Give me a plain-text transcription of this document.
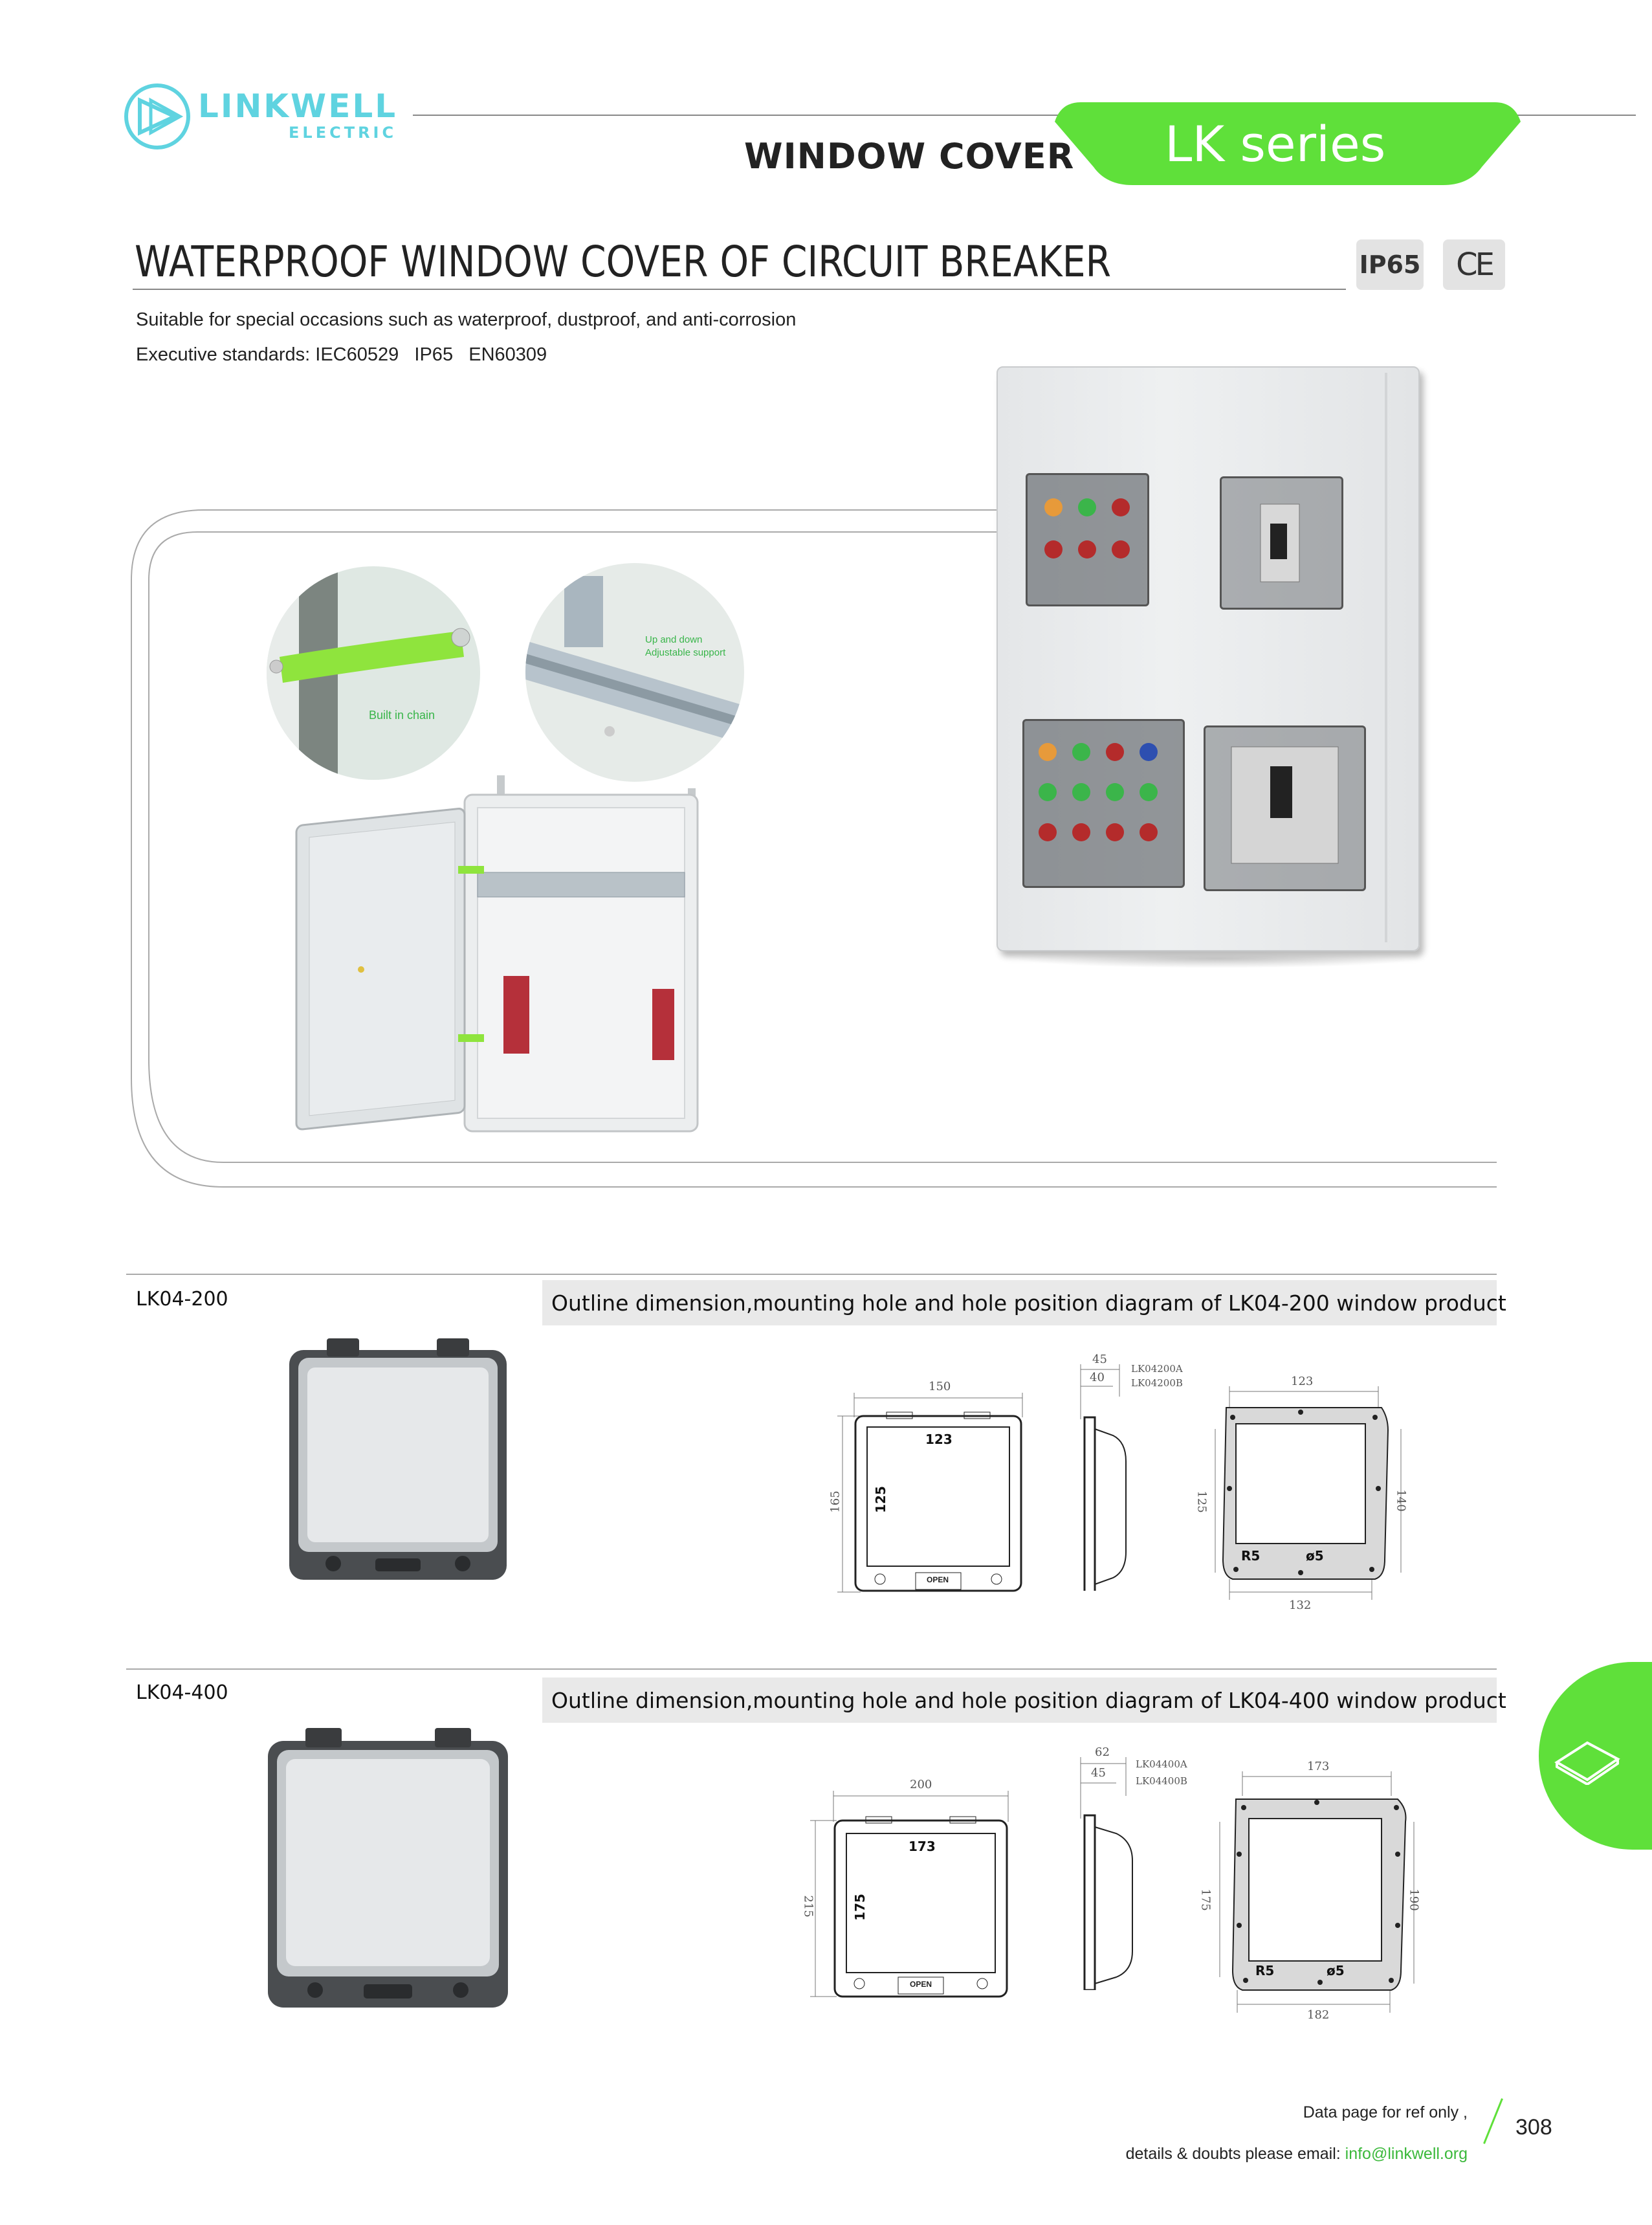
LINKWELL
ELECTRIC
WINDOW COVER LK series
WATERPROOF WINDOW COVER OF CIRCUIT BREAKER	IP65	CE
Suitable for special occasions such as waterproof, dustproof, and anti-corrosion
Executive standards: IEC60529   IP65   EN60309
Built in chain
Up and down
Adjustable support
LK04-200	Outline dimension,mounting hole and hole position diagram of LK04-200 window product
150
165
123
125
OPEN
45
40
LK04200A
LK04200B	123
125	140
132
R5	ø5
LK04-400	Outline dimension,mounting hole and hole position diagram of LK04-400 window product
200
215
173
175
OPEN
62
45
LK04400A
LK04400B
173
175	190
182
R5	ø5
Data page for ref only ,

details & doubts please email: info@linkwell.org

308
